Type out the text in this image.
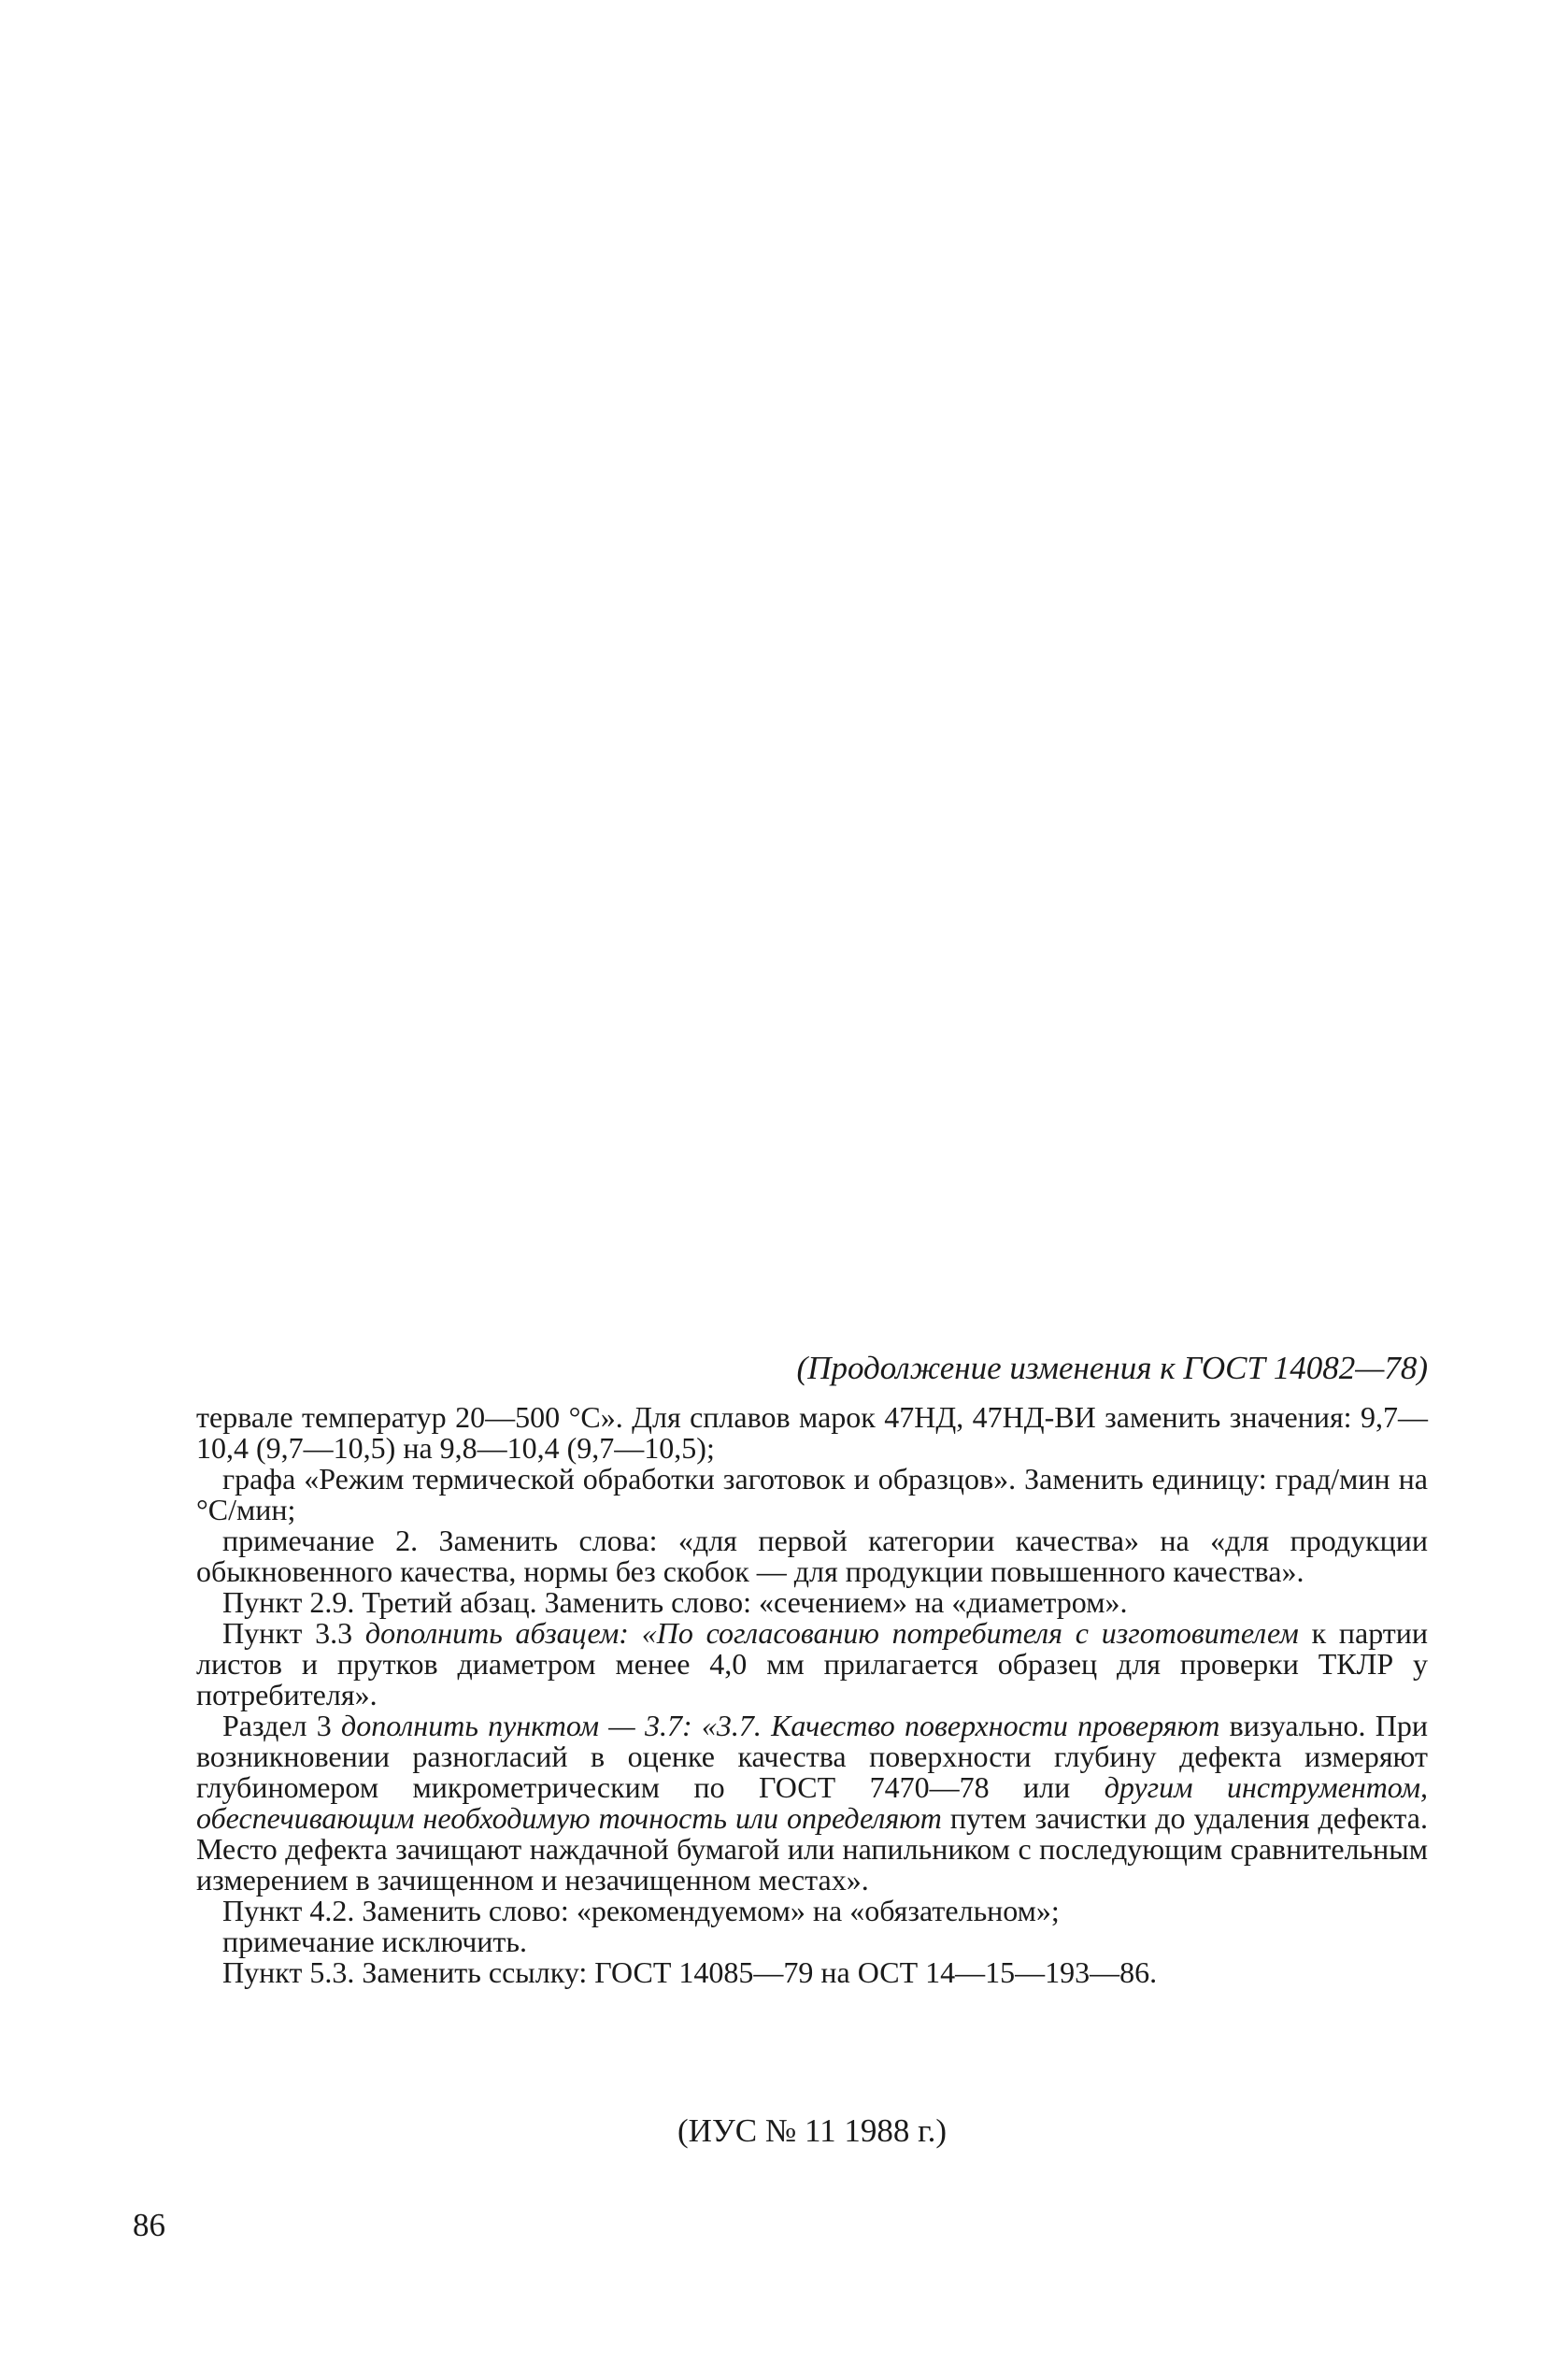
(Продолжение изменения к ГОСТ 14082—78)

тервале температур 20—500 °С». Для сплавов марок 47НД, 47НД-ВИ заменить значения: 9,7—10,4 (9,7—10,5) на 9,8—10,4 (9,7—10,5);

графа «Режим термической обработки заготовок и образцов». Заменить единицу: град/мин на °С/мин;

примечание 2. Заменить слова: «для первой категории качества» на «для продукции обыкновенного качества, нормы без скобок — для продукции повышенного качества».

Пункт 2.9. Третий абзац. Заменить слово: «сечением» на «диаметром».

Пункт 3.3 дополнить абзацем: «По согласованию потребителя с изготовителем к партии листов и прутков диаметром менее 4,0 мм прилагается образец для проверки ТКЛР у потребителя».

Раздел 3 дополнить пунктом — 3.7: «3.7. Качество поверхности проверяют визуально. При возникновении разногласий в оценке качества поверхности глубину дефекта измеряют глубиномером микрометрическим по ГОСТ 7470—78 или другим инструментом, обеспечивающим необходимую точность или определяют путем зачистки до удаления дефекта. Место дефекта зачищают наждачной бумагой или напильником с последующим сравнительным измерением в зачищенном и незачищенном местах».

Пункт 4.2. Заменить слово: «рекомендуемом» на «обязательном»;

примечание исключить.

Пункт 5.3. Заменить ссылку: ГОСТ 14085—79 на ОСТ 14—15—193—86.

(ИУС № 11 1988 г.)
86
